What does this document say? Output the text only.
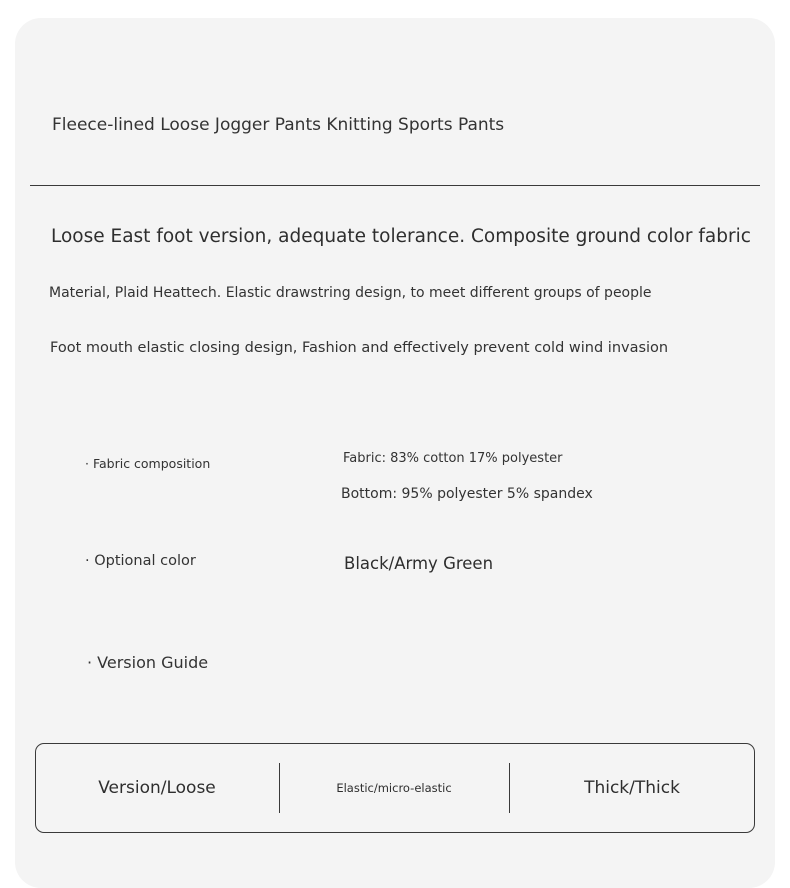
Fleece-lined Loose Jogger Pants Knitting Sports Pants
Loose East foot version, adequate tolerance. Composite ground color fabric
Material, Plaid Heattech. Elastic drawstring design, to meet different groups of people
Foot mouth elastic closing design, Fashion and effectively prevent cold wind invasion
· Fabric composition	Fabric: 83% cotton 17% polyester
Bottom: 95% polyester 5% spandex
· Optional color	Black/Army Green
· Version Guide
Version/Loose	Elastic/micro-elastic	Thick/Thick
